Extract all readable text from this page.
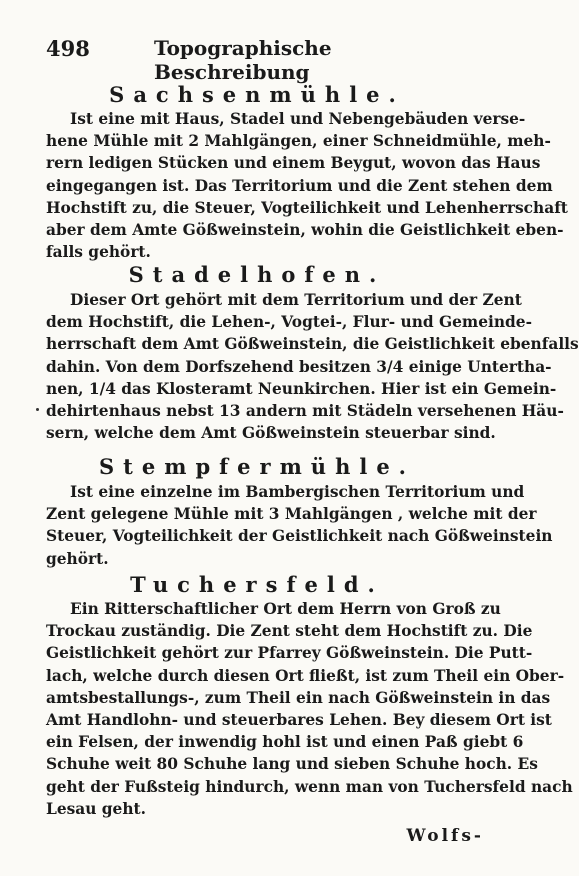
498	Topographische Beschreibung
Sachsenmühle.
Ist eine mit Haus, Stadel und Nebengebäuden verse-
hene Mühle mit 2 Mahlgängen, einer Schneidmühle, meh-
rern ledigen Stücken und einem Beygut, wovon das Haus
eingegangen ist. Das Territorium und die Zent stehen dem
Hochstift zu, die Steuer, Vogteilichkeit und Lehenherrschaft
aber dem Amte Gößweinstein, wohin die Geistlichkeit eben-
falls gehört.
Stadelhofen.
Dieser Ort gehört mit dem Territorium und der Zent
dem Hochstift, die Lehen-, Vogtei-, Flur- und Gemeinde-
herrschaft dem Amt Gößweinstein, die Geistlichkeit ebenfalls
dahin. Von dem Dorfszehend besitzen 3/4 einige Untertha-
nen, 1/4 das Klosteramt Neunkirchen. Hier ist ein Gemein-
dehirtenhaus nebst 13 andern mit Städeln versehenen Häu-
sern, welche dem Amt Gößweinstein steuerbar sind.
Stempfermühle.
Ist eine einzelne im Bambergischen Territorium und
Zent gelegene Mühle mit 3 Mahlgängen , welche mit der
Steuer, Vogteilichkeit der Geistlichkeit nach Gößweinstein
gehört.
Tuchersfeld.
Ein Ritterschaftlicher Ort dem Herrn von Groß zu
Trockau zuständig. Die Zent steht dem Hochstift zu. Die
Geistlichkeit gehört zur Pfarrey Gößweinstein. Die Putt-
lach, welche durch diesen Ort fließt, ist zum Theil ein Ober-
amtsbestallungs-, zum Theil ein nach Gößweinstein in das
Amt Handlohn- und steuerbares Lehen. Bey diesem Ort ist
ein Felsen, der inwendig hohl ist und einen Paß giebt 6
Schuhe weit 80 Schuhe lang und sieben Schuhe hoch. Es
geht der Fußsteig hindurch, wenn man von Tuchersfeld nach
Lesau geht.
Wolfs-
